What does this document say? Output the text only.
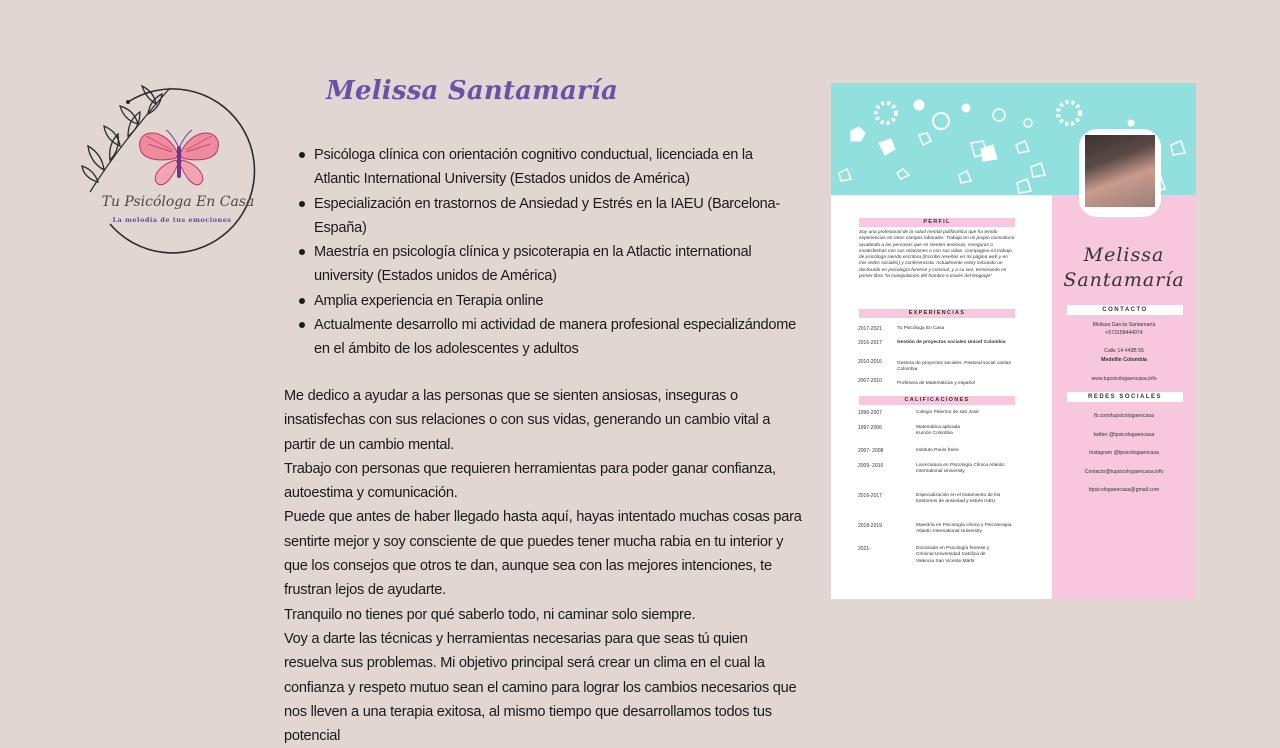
Tu Psicóloga En Casa
La melodía de tus emociones
Melissa Santamaría
Psicóloga clínica con orientación cognitivo conductual, licenciada en la Atlantic International University (Estados unidos de América)
Especialización en trastornos de Ansiedad y Estrés en la IAEU (Barcelona- España)
Maestría en psicología clínica y psicoterapia en la Atlactic international university (Estados unidos de América)
Amplia experiencia en Terapia online
Actualmente desarrollo mi actividad de manera profesional especializándome en el ámbito de los adolescentes y adultos

Me dedico a ayudar a las personas que se sienten ansiosas, inseguras o insatisfechas con sus relaciones o con sus vidas, generando un cambio vital a partir de un cambio mental.

Trabajo con personas que requieren herramientas para poder ganar confianza, autoestima y comunicación.

Puede que antes de haber llegado hasta aquí, hayas intentado muchas cosas para sentirte mejor y soy consciente de que puedes tener mucha rabia en tu interior y que los consejos que otros te dan, aunque sea con las mejores intenciones, te frustran lejos de ayudarte.

Tranquilo no tienes por qué saberlo todo, ni caminar solo siempre.

Voy a darte las técnicas y herramientas necesarias para que seas tú quien resuelva sus problemas. Mi objetivo principal será crear un clima en el cual la confianza y respeto mutuo sean el camino para lograr los cambios necesarios que nos lleven a una terapia exitosa, al mismo tiempo que desarrollamos todos tus potencial

Melissa Santamaría
PERFIL
Soy una profesional de la salud mental polifacética que ha tenido experiencias en otros campos laborales. Trabajo en mi propio consultorio ayudando a las personas que se sienten ansiosas, inseguras o insatisfechas con sus relaciones o con sus vidas. Compagino mi trabajo de psicóloga siendo escritora (Escribo reseñas en mi página web y en mis redes sociales) y conferencista. Actualmente estoy iniciando un doctorado en psicología forense y criminal, y a su vez, terminando mi primer libro "la manipulación del hombre a través del lenguaje"
EXPERIENCIAS
2017-2021	Tu Psicóloga En Casa
2016-2017	Gestión de proyectos sociales Unicef Colombia
2010-2016	Gestora de proyectos sociales. Pastoral social caritas Colombia
2007-2010	Profesora de Matemáticas y español
CALIFICACIONES
1996-2007	Colegio Palermo de san José
1997-2006	Matemática aplicada Kumón Colombia
2007- 2008	Instituto Paulo freire
2009- 2015	Licenciatura en Psicología Clínica Atlantic International University
2016-2017	Especialización en el tratamiento de los trastornos de ansiedad y estrés IAEU
2018-2019	Maestría en Psicología clínica y Psicoterapia. Atlantic International University
2021-	Doctorado en Psicología forense y Criminal Universidad Católica de Valencia San Vicente Mártir
CONTACTO
Melissa García Santamaría
+573158444974
Calle 14 #43B 55
Medellín Colombia
www.tupsicologaencasa.info
REDES SOCIALES
fb.com/tupsicologaencasa
twitter @tpsicologaencasa
Instagram @tpsicologaencasa
Contacto@tupsicologaencasa.info
ttpsicologaencasa@gmail.com
